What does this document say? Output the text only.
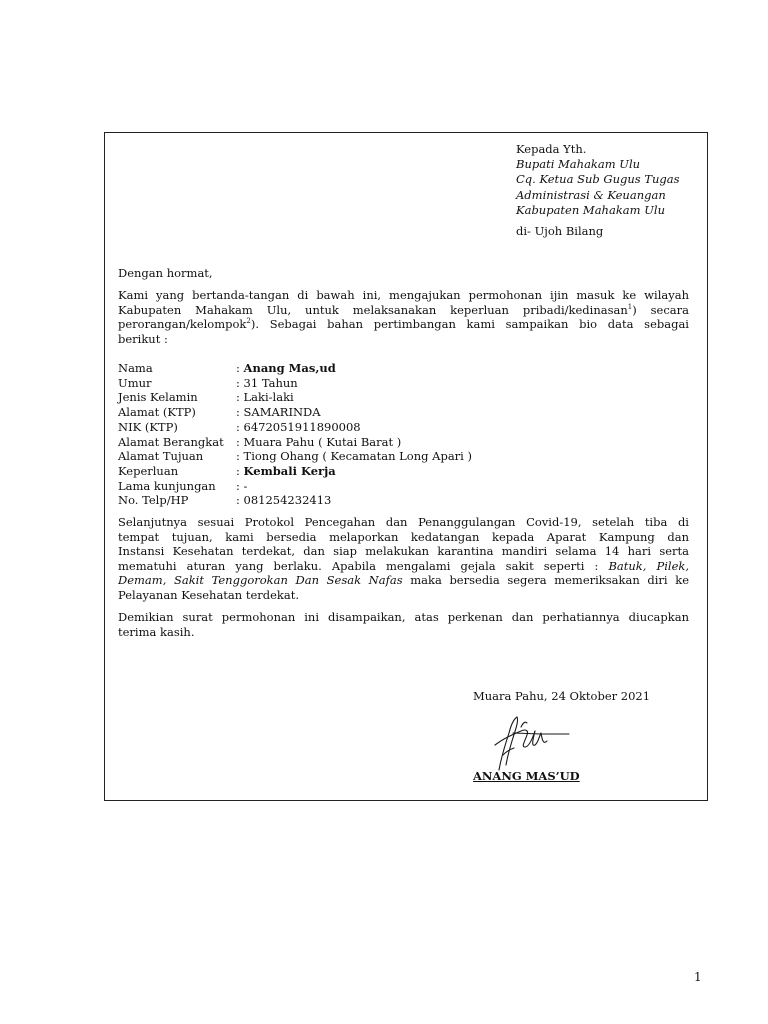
Kepada Yth.
Bupati Mahakam Ulu
Cq. Ketua Sub Gugus Tugas
Administrasi & Keuangan
Kabupaten Mahakam Ulu
di- Ujoh Bilang
Dengan hormat,
Kami yang bertanda-tangan di bawah ini, mengajukan permohonan ijin masuk ke wilayah
Kabupaten Mahakam Ulu, untuk melaksanakan keperluan pribadi/kedinasan$^1$) secara
perorangan/kelompok$^2$). Sebagai bahan pertimbangan kami sampaikan bio data sebagai
berikut :
Nama	: Anang Mas,ud
Umur	: 31 Tahun
Jenis Kelamin	: Laki-laki
Alamat (KTP)	: SAMARINDA
NIK (KTP)	: 6472051911890008
Alamat Berangkat	: Muara Pahu ( Kutai Barat )
Alamat Tujuan	: Tiong Ohang ( Kecamatan Long Apari )
Keperluan	: Kembali Kerja
Lama kunjungan	: -
No. Telp/HP	: 081254232413
Selanjutnya sesuai Protokol Pencegahan dan Penanggulangan Covid-19, setelah tiba di
tempat tujuan, kami bersedia melaporkan kedatangan kepada Aparat Kampung dan
Instansi Kesehatan terdekat, dan siap melakukan karantina mandiri selama 14 hari serta
mematuhi aturan yang berlaku. Apabila mengalami gejala sakit seperti : Batuk, Pilek,
Demam, Sakit Tenggorokan Dan Sesak Nafas maka bersedia segera memeriksakan diri ke
Pelayanan Kesehatan terdekat.
Demikian surat permohonan ini disampaikan, atas perkenan dan perhatiannya diucapkan
terima kasih.
Muara Pahu, 24 Oktober 2021
ANANG MAS’UD
1
